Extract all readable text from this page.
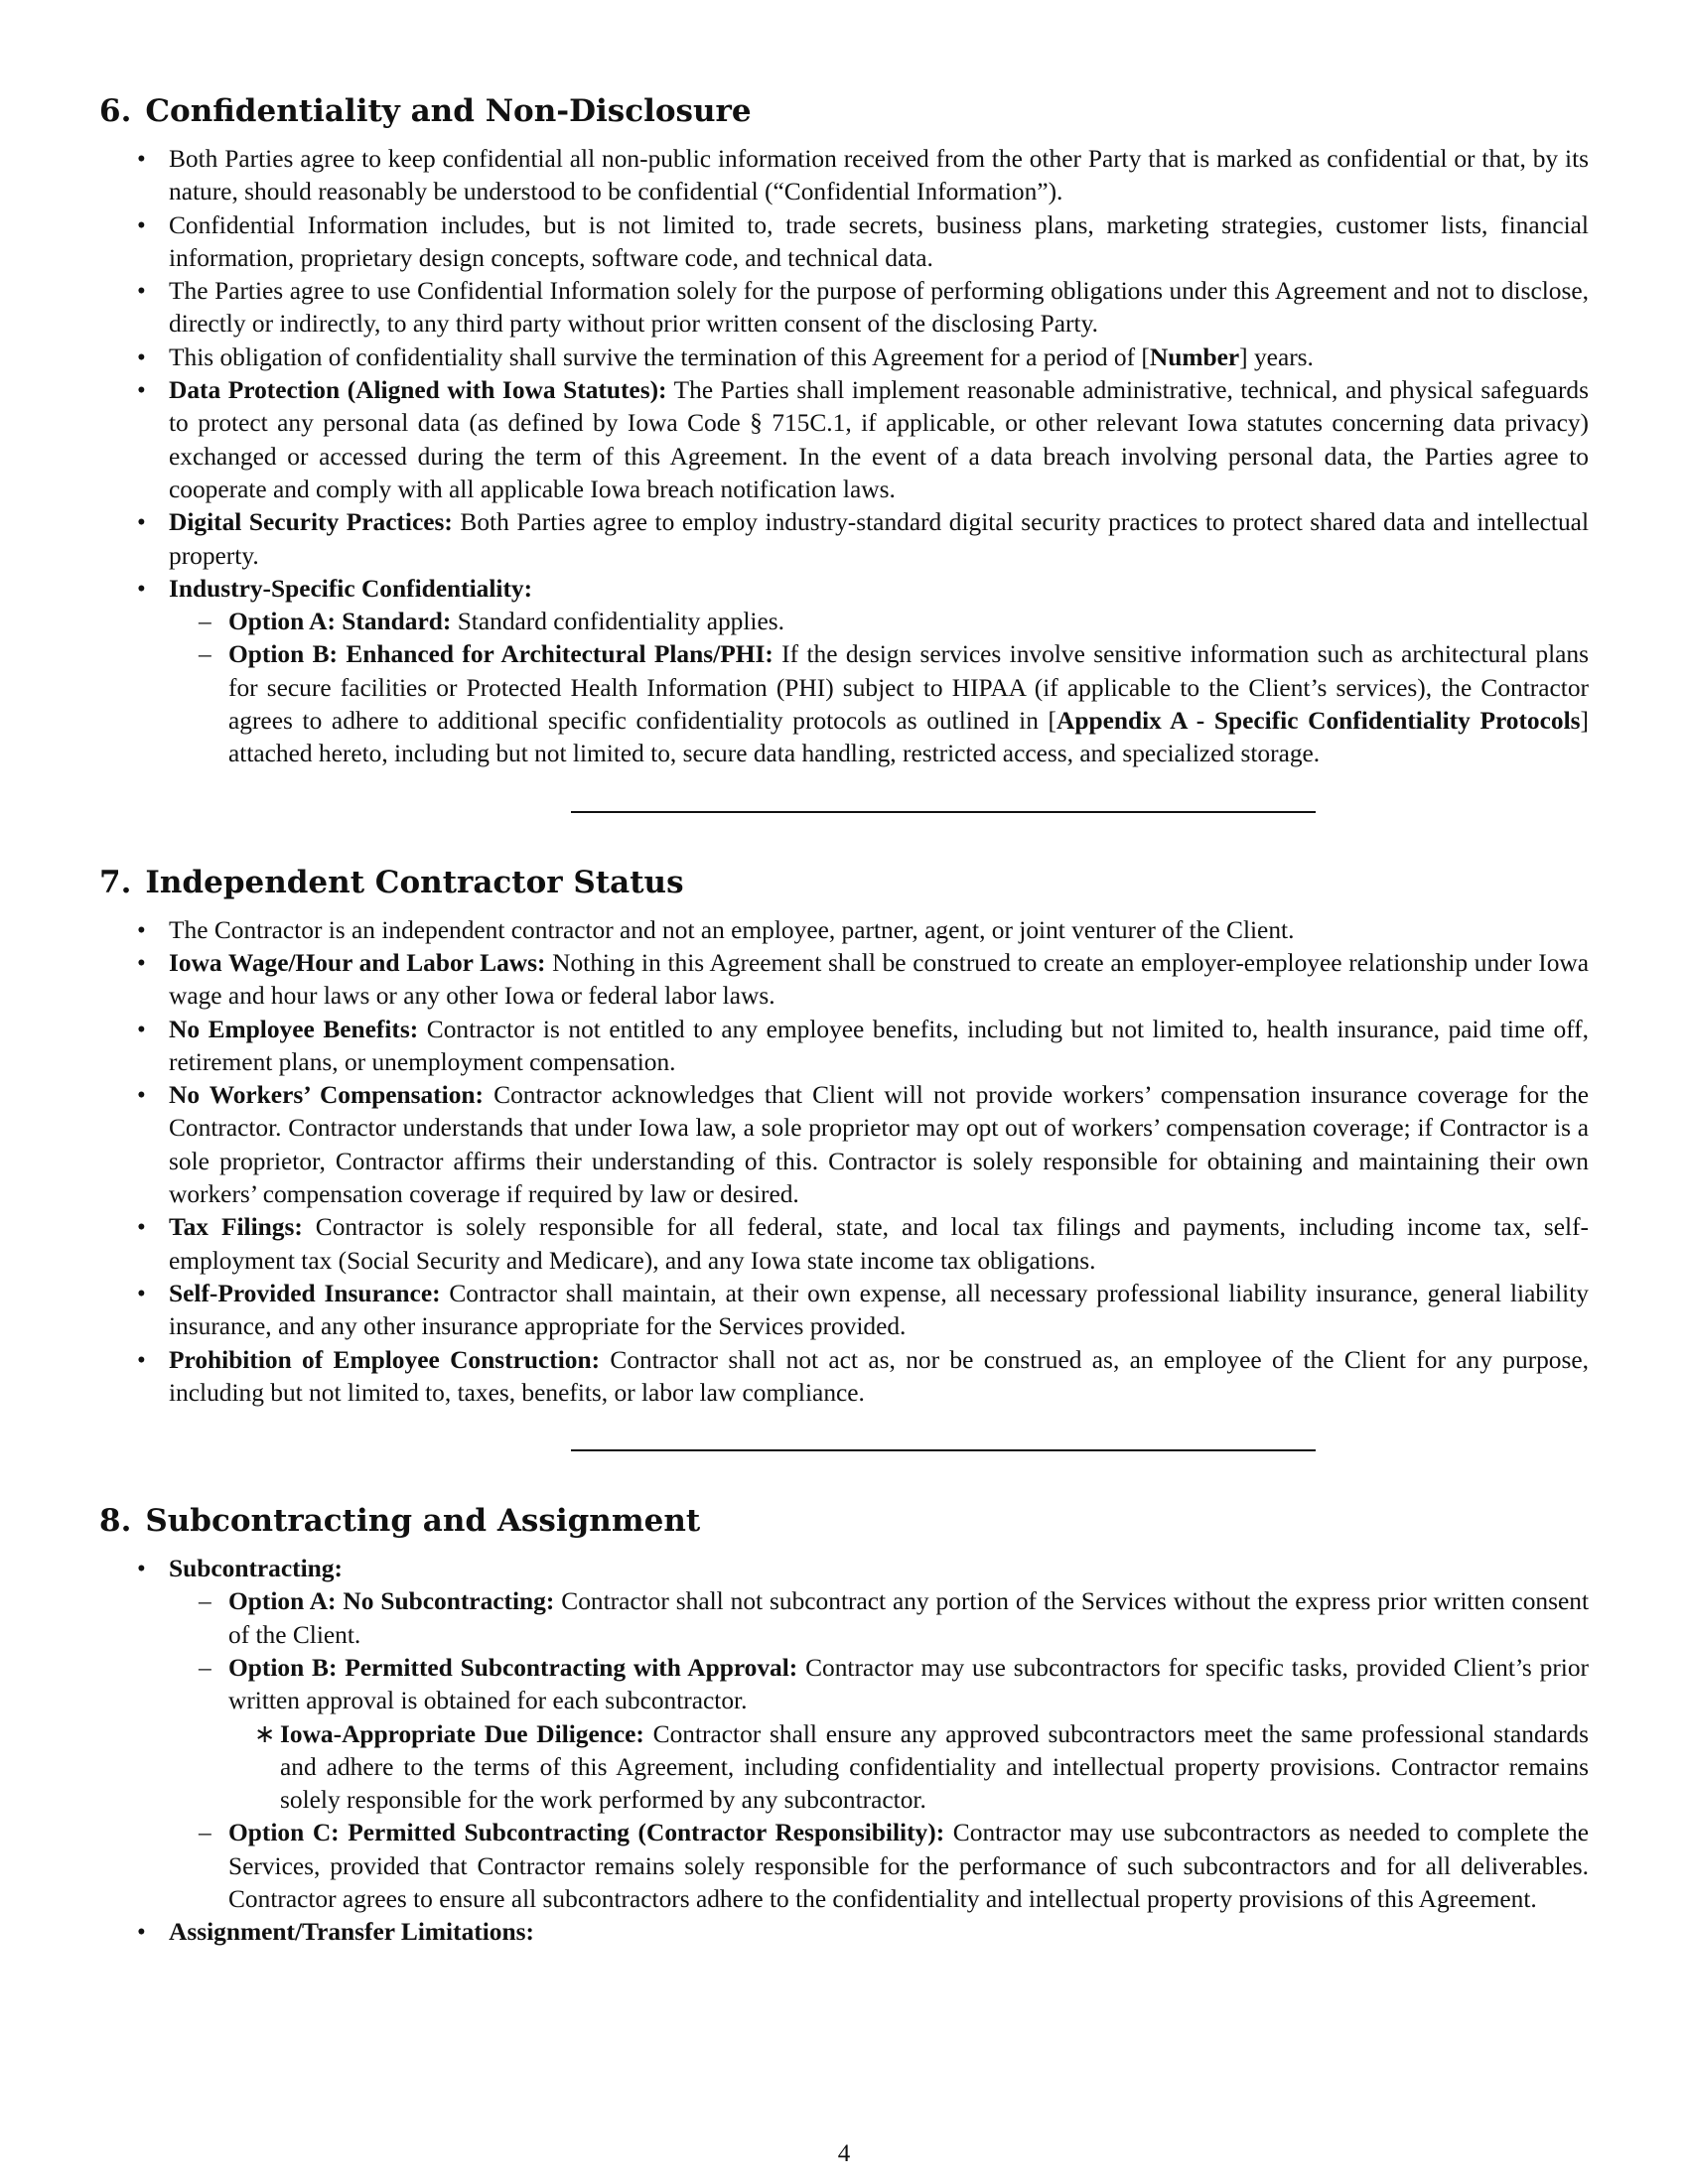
6. Confidentiality and Non-Disclosure
• Both Parties agree to keep confidential all non-public information received from the other Party that is marked as confidential or that, by its nature, should reasonably be understood to be confidential (“Confidential Information”).
• Confidential Information includes, but is not limited to, trade secrets, business plans, marketing strategies, customer lists, financial information, proprietary design concepts, software code, and technical data.
• The Parties agree to use Confidential Information solely for the purpose of performing obligations under this Agreement and not to disclose, directly or indirectly, to any third party without prior written consent of the disclosing Party.
• This obligation of confidentiality shall survive the termination of this Agreement for a period of [Number] years.
• Data Protection (Aligned with Iowa Statutes): The Parties shall implement reasonable administrative, technical, and physical safeguards to protect any personal data (as defined by Iowa Code § 715C.1, if applicable, or other relevant Iowa statutes concerning data privacy) exchanged or accessed during the term of this Agreement. In the event of a data breach involving personal data, the Parties agree to cooperate and comply with all applicable Iowa breach notification laws.
• Digital Security Practices: Both Parties agree to employ industry-standard digital security practices to protect shared data and intellectual property.
• Industry-Specific Confidentiality:
– Option A: Standard: Standard confidentiality applies.
– Option B: Enhanced for Architectural Plans/PHI: If the design services involve sensitive information such as architectural plans for secure facilities or Protected Health Information (PHI) subject to HIPAA (if applicable to the Client’s services), the Contractor agrees to adhere to additional specific confidentiality protocols as outlined in [Appendix A - Specific Confidentiality Protocols] attached hereto, including but not limited to, secure data handling, restricted access, and specialized storage.
7. Independent Contractor Status
• The Contractor is an independent contractor and not an employee, partner, agent, or joint venturer of the Client.
• Iowa Wage/Hour and Labor Laws: Nothing in this Agreement shall be construed to create an employer-employee relationship under Iowa wage and hour laws or any other Iowa or federal labor laws.
• No Employee Benefits: Contractor is not entitled to any employee benefits, including but not limited to, health insurance, paid time off, retirement plans, or unemployment compensation.
• No Workers’ Compensation: Contractor acknowledges that Client will not provide workers’ compensation insurance coverage for the Contractor. Contractor understands that under Iowa law, a sole proprietor may opt out of workers’ compensation coverage; if Contractor is a sole proprietor, Contractor affirms their understanding of this. Contractor is solely responsible for obtaining and maintaining their own workers’ compensation coverage if required by law or desired.
• Tax Filings: Contractor is solely responsible for all federal, state, and local tax filings and payments, including income tax, self-employment tax (Social Security and Medicare), and any Iowa state income tax obligations.
• Self-Provided Insurance: Contractor shall maintain, at their own expense, all necessary professional liability insurance, general liability insurance, and any other insurance appropriate for the Services provided.
• Prohibition of Employee Construction: Contractor shall not act as, nor be construed as, an employee of the Client for any purpose, including but not limited to, taxes, benefits, or labor law compliance.
8. Subcontracting and Assignment
• Subcontracting:
– Option A: No Subcontracting: Contractor shall not subcontract any portion of the Services without the express prior written consent of the Client.
– Option B: Permitted Subcontracting with Approval: Contractor may use subcontractors for specific tasks, provided Client’s prior written approval is obtained for each subcontractor.
∗ Iowa-Appropriate Due Diligence: Contractor shall ensure any approved subcontractors meet the same professional standards and adhere to the terms of this Agreement, including confidentiality and intellectual property provisions. Contractor remains solely responsible for the work performed by any subcontractor.
– Option C: Permitted Subcontracting (Contractor Responsibility): Contractor may use subcontractors as needed to complete the Services, provided that Contractor remains solely responsible for the performance of such subcontractors and for all deliverables. Contractor agrees to ensure all subcontractors adhere to the confidentiality and intellectual property provisions of this Agreement.
• Assignment/Transfer Limitations:
4
